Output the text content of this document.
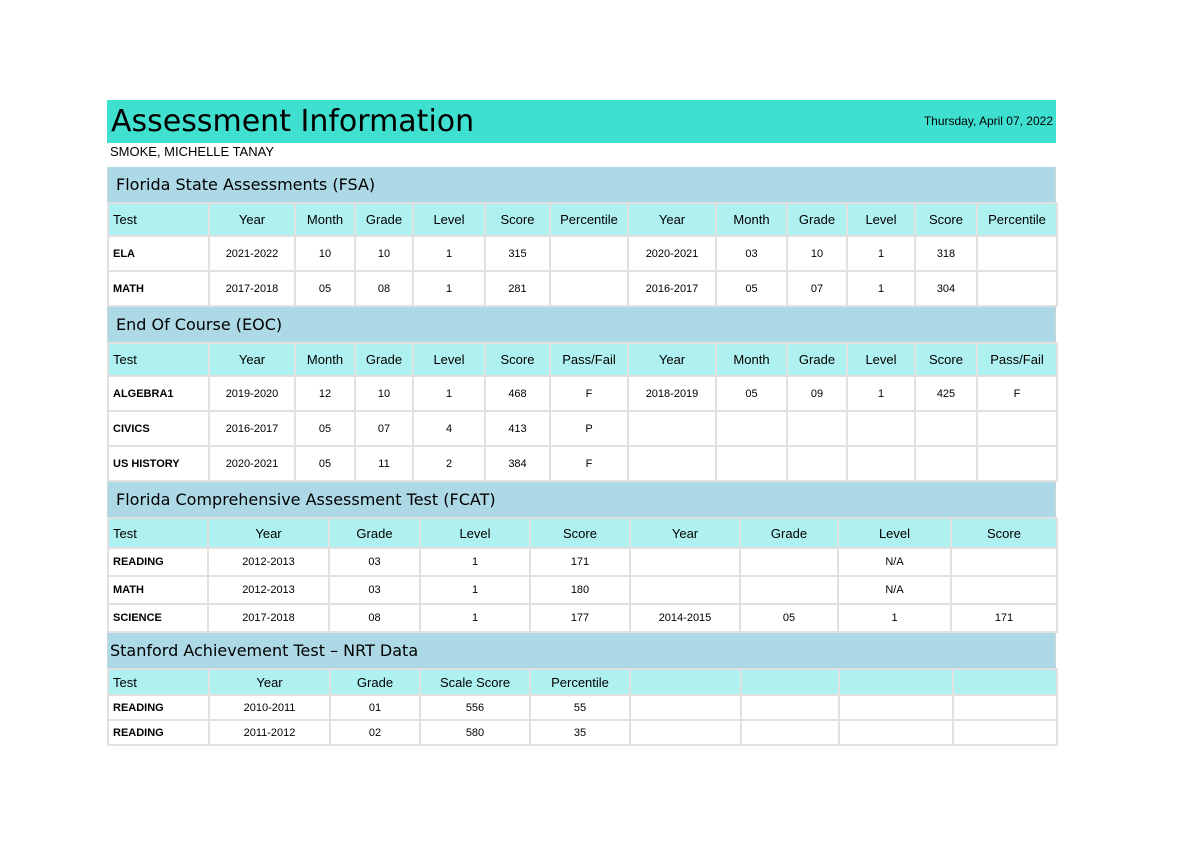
Assessment Information	Thursday, April 07, 2022
SMOKE, MICHELLE TANAY
Florida State Assessments (FSA)
Test	Year	Month	Grade	Level	Score	Percentile	Year	Month	Grade	Level	Score	Percentile
ELA	2021-2022	10	10	1	315		2020-2021	03	10	1	318	
MATH	2017-2018	05	08	1	281		2016-2017	05	07	1	304	
End Of Course (EOC)
Test	Year	Month	Grade	Level	Score	Pass/Fail	Year	Month	Grade	Level	Score	Pass/Fail
ALGEBRA1	2019-2020	12	10	1	468	F	2018-2019	05	09	1	425	F
CIVICS	2016-2017	05	07	4	413	P						
US HISTORY	2020-2021	05	11	2	384	F						
Florida Comprehensive Assessment Test (FCAT)
Test	Year	Grade	Level	Score	Year	Grade	Level	Score
READING	2012-2013	03	1	171			N/A	
MATH	2012-2013	03	1	180			N/A	
SCIENCE	2017-2018	08	1	177	2014-2015	05	1	171
Stanford Achievement Test – NRT Data
Test	Year	Grade	Scale Score	Percentile				
READING	2010-2011	01	556	55				
READING	2011-2012	02	580	35				
